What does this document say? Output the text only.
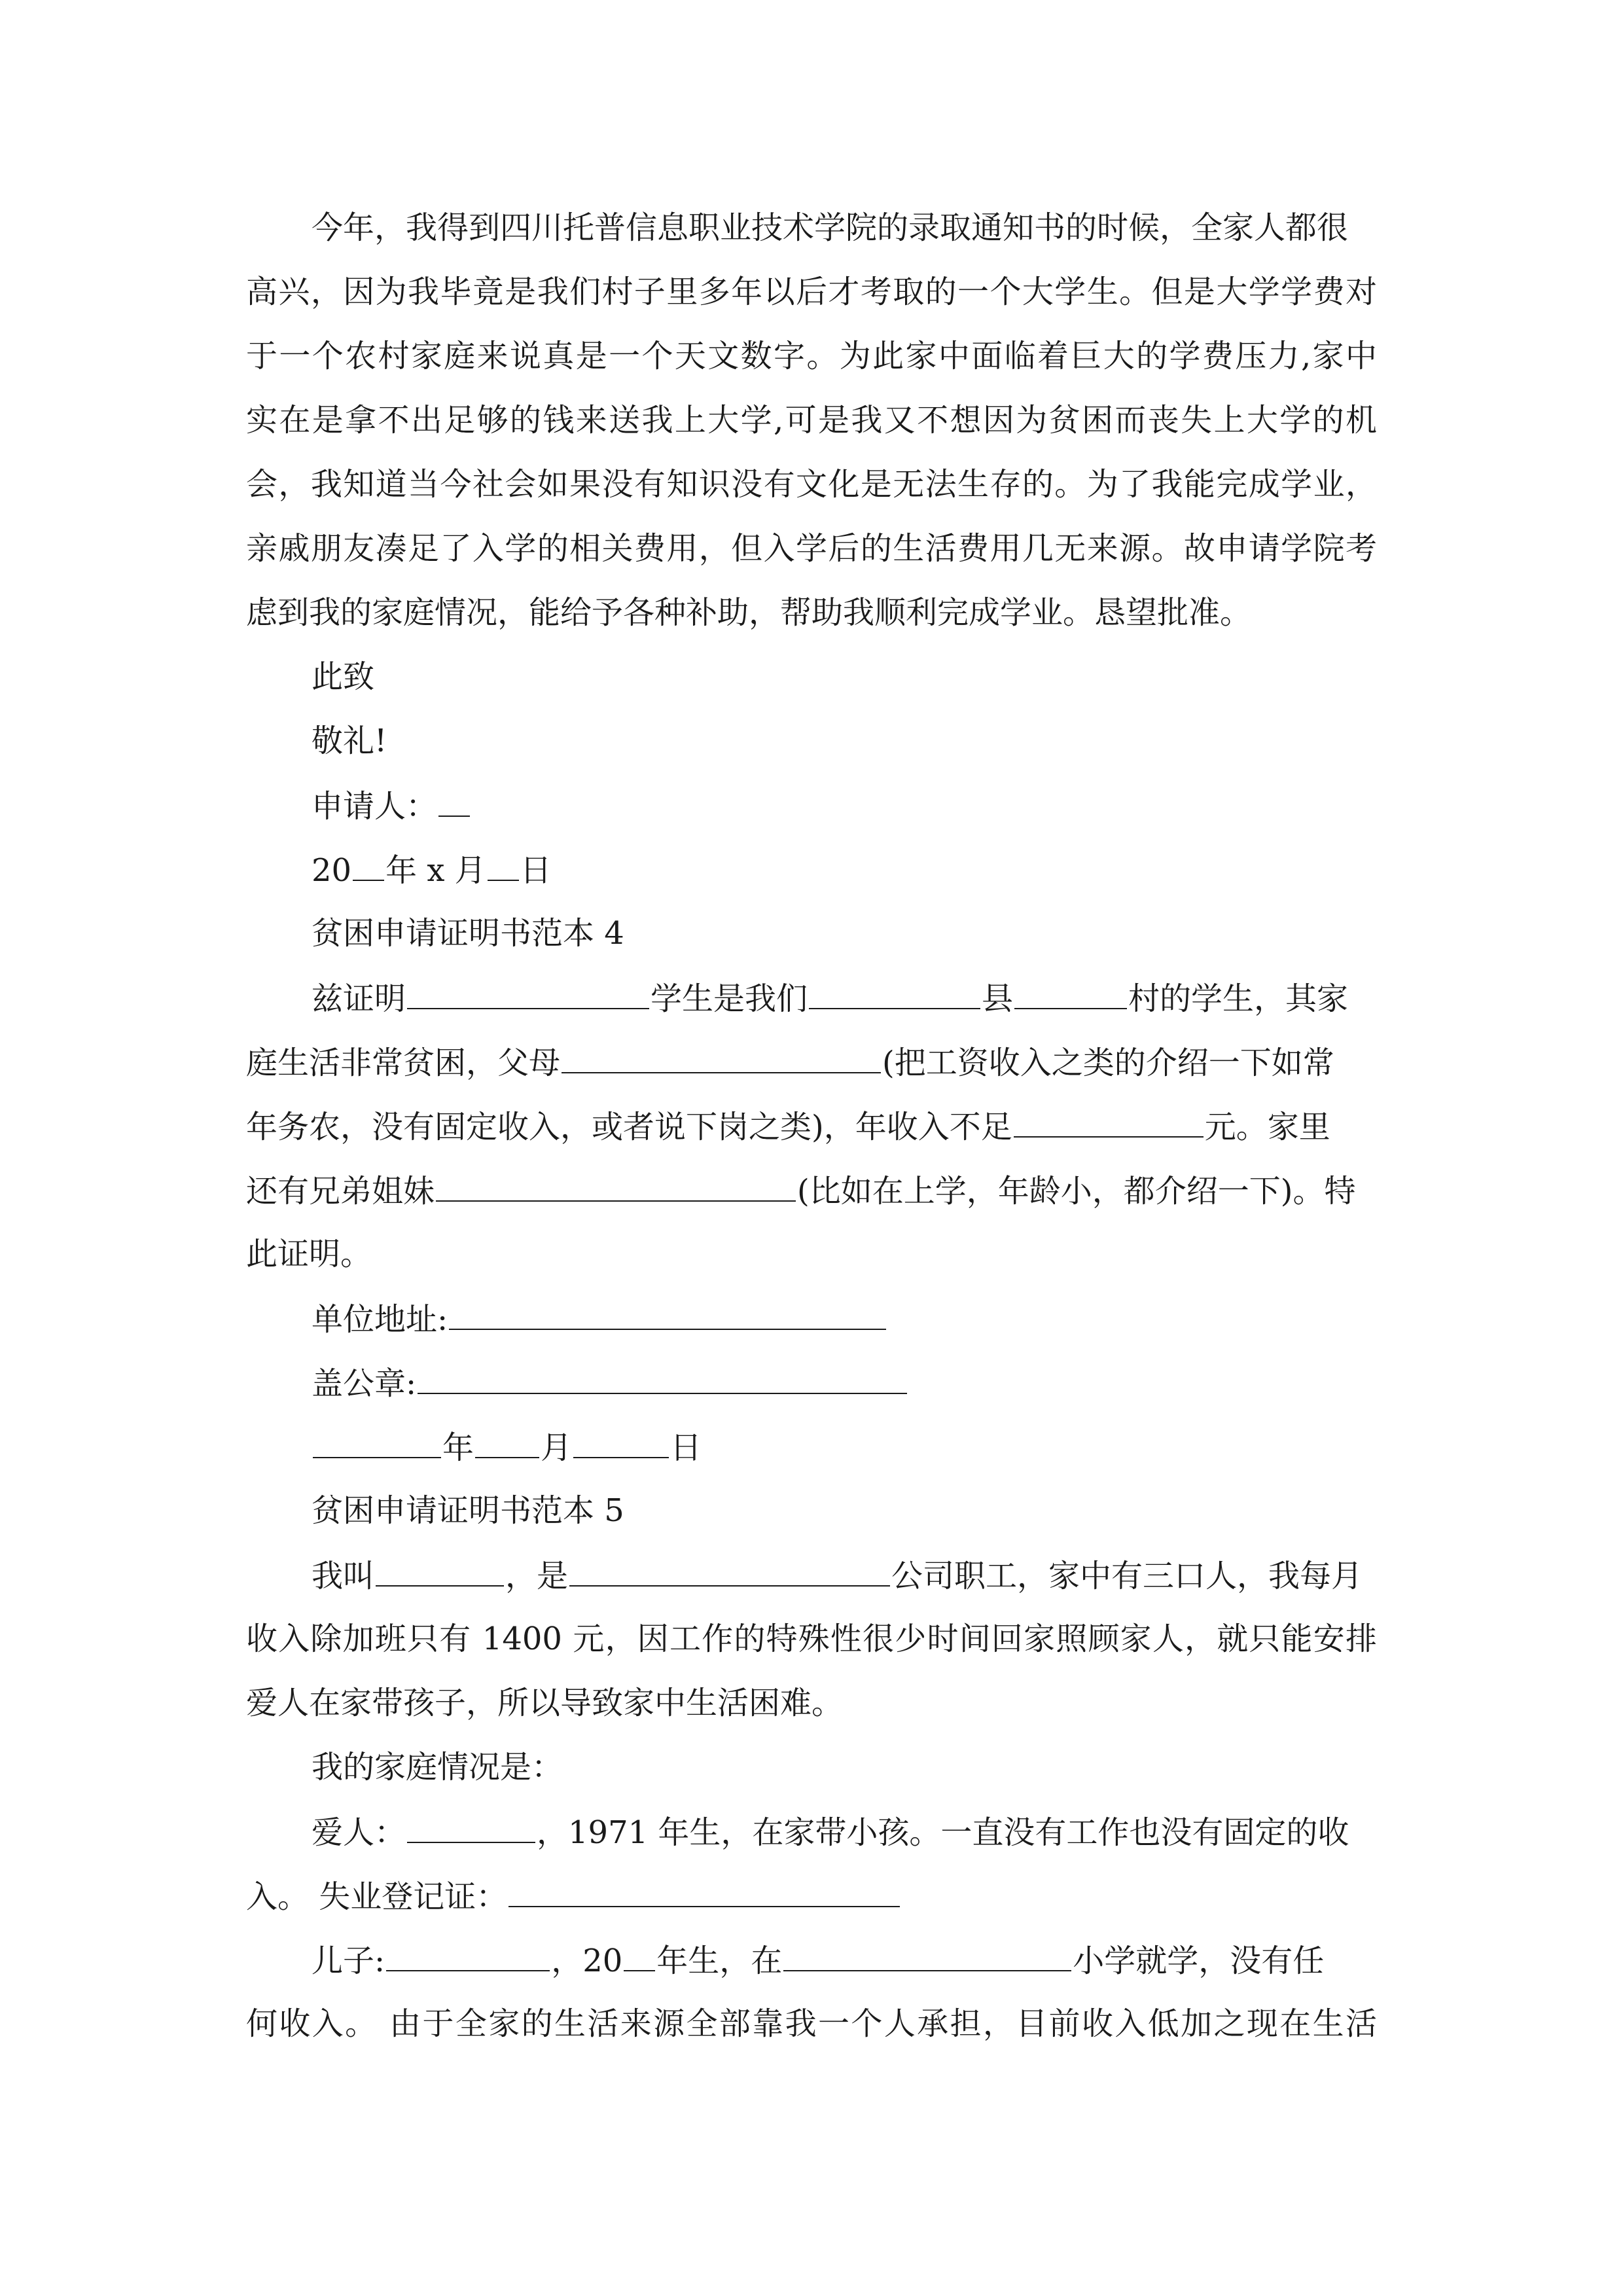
今年，我得到四川托普信息职业技术学院的录取通知书的时候，全家人都很
高兴，因为我毕竟是我们村子里多年以后才考取的一个大学生。但是大学学费对
于一个农村家庭来说真是一个天文数字。为此家中面临着巨大的学费压力,家中
实在是拿不出足够的钱来送我上大学,可是我又不想因为贫困而丧失上大学的机
会，我知道当今社会如果没有知识没有文化是无法生存的。为了我能完成学业，
亲戚朋友凑足了入学的相关费用，但入学后的生活费用几无来源。故申请学院考
虑到我的家庭情况，能给予各种补助，帮助我顺利完成学业。恳望批准。
此致
敬礼!
申请人：
20 年 x 月 日
贫困申请证明书范本 4
兹证明	学生是我们	县	村的学生，其家
庭生活非常贫困，父母	(把工资收入之类的介绍一下如常
年务农，没有固定收入，或者说下岗之类)，年收入不足	元。家里
还有兄弟姐妹	(比如在上学，年龄小，都介绍一下)。特
此证明。
单位地址:
盖公章:
年 月	日
贫困申请证明书范本 5
我叫	，是	公司职工，家中有三口人，我每月
收入除加班只有 1400 元，因工作的特殊性很少时间回家照顾家人，就只能安排
爱人在家带孩子，所以导致家中生活困难。
我的家庭情况是：
爱人：	，1971 年生，在家带小孩。一直没有工作也没有固定的收
入。 失业登记证：
儿子:	，20 年生，在	小学就学，没有任
何收入。 由于全家的生活来源全部靠我一个人承担，目前收入低加之现在生活
